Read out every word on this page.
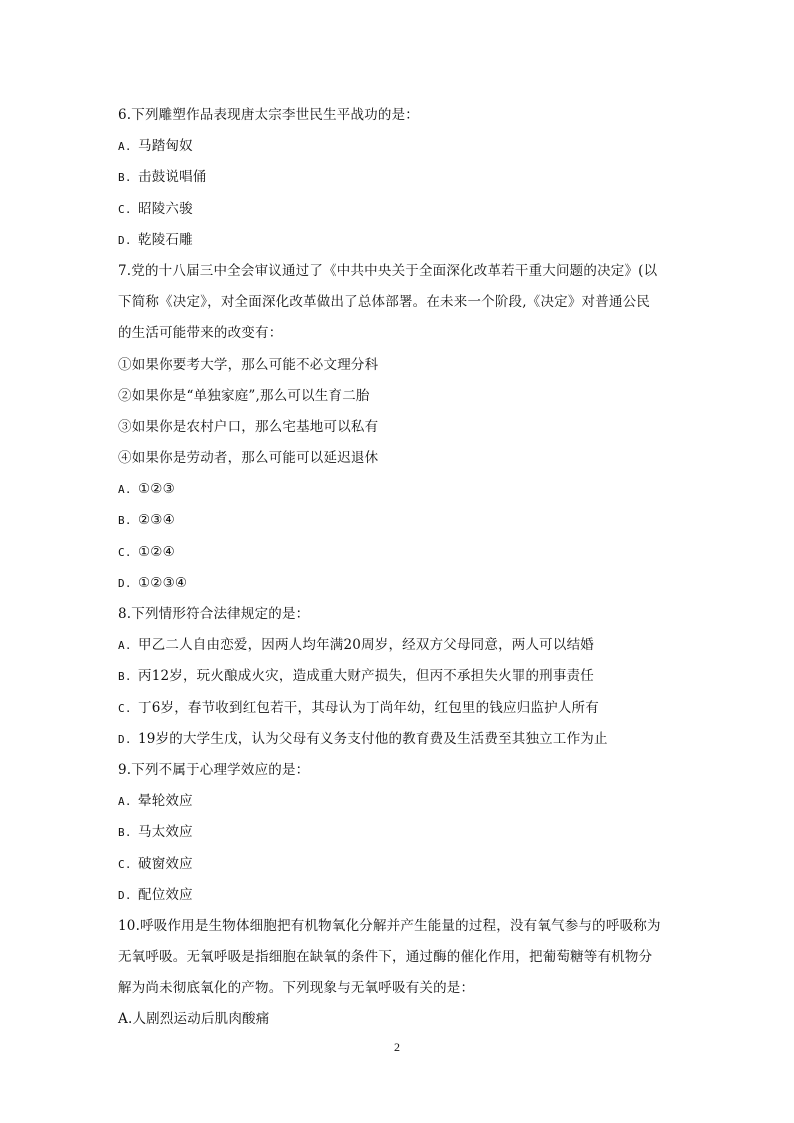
6.下列雕塑作品表现唐太宗李世民生平战功的是：
A. 马踏匈奴
B. 击鼓说唱俑
C. 昭陵六骏
D. 乾陵石雕
7.党的十八届三中全会审议通过了《中共中央关于全面深化改革若干重大问题的决定》(以
下简称《决定》，对全面深化改革做出了总体部署。在未来一个阶段,《决定》对普通公民
的生活可能带来的改变有：
①如果你要考大学，那么可能不必文理分科
②如果你是“单独家庭”,那么可以生育二胎
③如果你是农村户口，那么宅基地可以私有
④如果你是劳动者，那么可能可以延迟退休
A. ①②③
B. ②③④
C. ①②④
D. ①②③④
8.下列情形符合法律规定的是：
A. 甲乙二人自由恋爱，因两人均年满20周岁，经双方父母同意，两人可以结婚
B. 丙12岁，玩火酿成火灾，造成重大财产损失，但丙不承担失火罪的刑事责任
C. 丁6岁，春节收到红包若干，其母认为丁尚年幼，红包里的钱应归监护人所有
D. 19岁的大学生戊，认为父母有义务支付他的教育费及生活费至其独立工作为止
9.下列不属于心理学效应的是：
A. 晕轮效应
B. 马太效应
C. 破窗效应
D. 配位效应
10.呼吸作用是生物体细胞把有机物氧化分解并产生能量的过程，没有氧气参与的呼吸称为
无氧呼吸。无氧呼吸是指细胞在缺氧的条件下，通过酶的催化作用，把葡萄糖等有机物分
解为尚未彻底氧化的产物。下列现象与无氧呼吸有关的是：
A.人剧烈运动后肌肉酸痛
2
